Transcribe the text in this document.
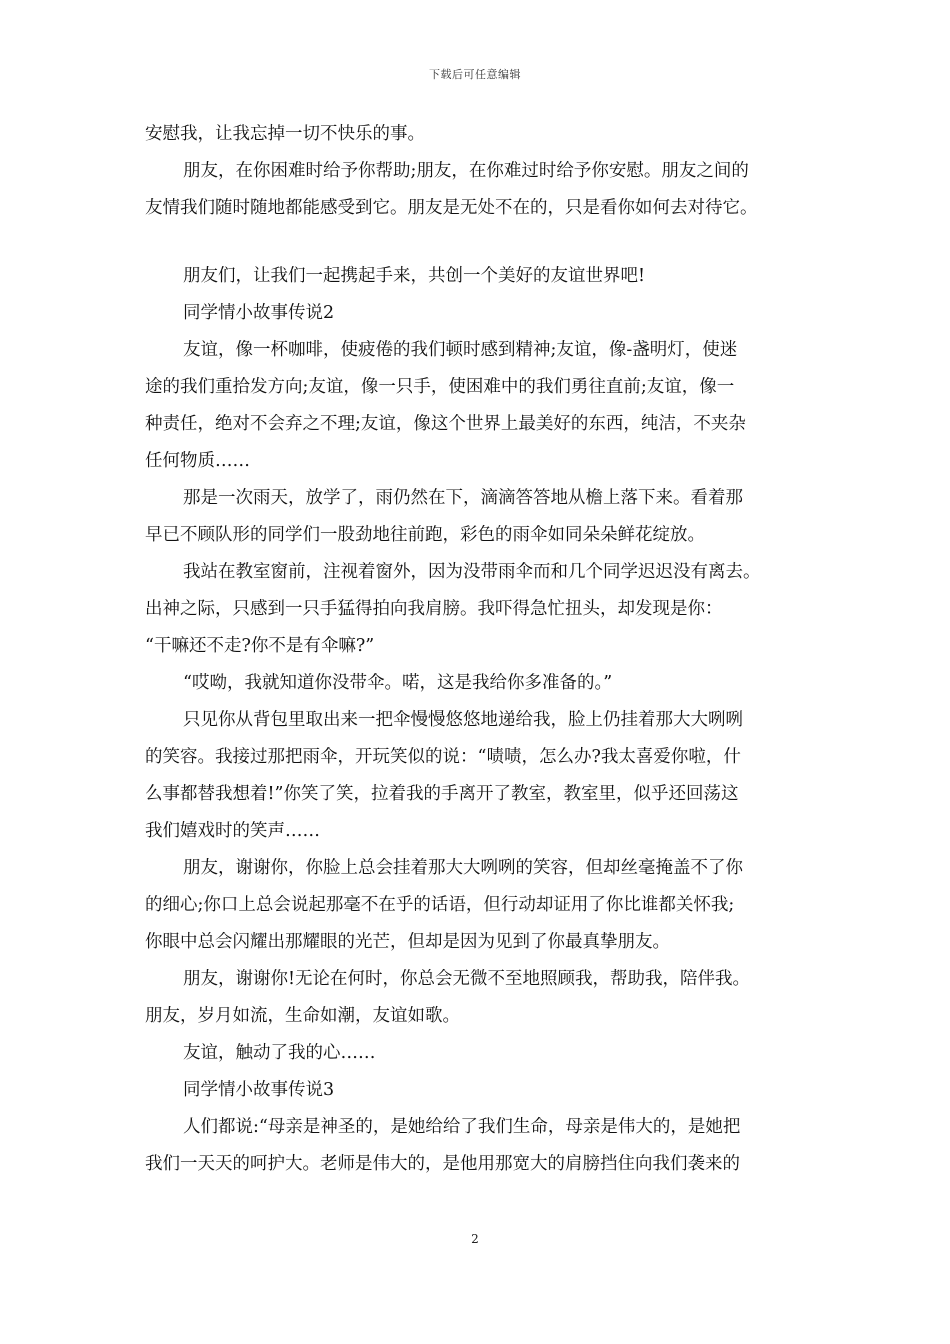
下载后可任意编辑
安慰我，让我忘掉一切不快乐的事。
朋友，在你困难时给予你帮助;朋友，在你难过时给予你安慰。朋友之间的
友情我们随时随地都能感受到它。朋友是无处不在的，只是看你如何去对待它。
朋友们，让我们一起携起手来，共创一个美好的友谊世界吧!
同学情小故事传说2
友谊，像一杯咖啡，使疲倦的我们顿时感到精神;友谊，像-盏明灯，使迷
途的我们重拾发方向;友谊，像一只手，使困难中的我们勇往直前;友谊，像一
种责任，绝对不会弃之不理;友谊，像这个世界上最美好的东西，纯洁，不夹杂
任何物质……
那是一次雨天，放学了，雨仍然在下，滴滴答答地从檐上落下来。看着那
早已不顾队形的同学们一股劲地往前跑，彩色的雨伞如同朵朵鲜花绽放。
我站在教室窗前，注视着窗外，因为没带雨伞而和几个同学迟迟没有离去。
出神之际，只感到一只手猛得拍向我肩膀。我吓得急忙扭头，却发现是你：
“干嘛还不走?你不是有伞嘛?”
“哎呦，我就知道你没带伞。喏，这是我给你多准备的。”
只见你从背包里取出来一把伞慢慢悠悠地递给我，脸上仍挂着那大大咧咧
的笑容。我接过那把雨伞，开玩笑似的说：“啧啧，怎么办?我太喜爱你啦，什
么事都替我想着!”你笑了笑，拉着我的手离开了教室，教室里，似乎还回荡这
我们嬉戏时的笑声……
朋友，谢谢你，你脸上总会挂着那大大咧咧的笑容，但却丝毫掩盖不了你
的细心;你口上总会说起那毫不在乎的话语，但行动却证用了你比谁都关怀我;
你眼中总会闪耀出那耀眼的光芒，但却是因为见到了你最真挚朋友。
朋友，谢谢你!无论在何时，你总会无微不至地照顾我，帮助我，陪伴我。
朋友，岁月如流，生命如潮，友谊如歌。
友谊，触动了我的心……
同学情小故事传说3
人们都说:“母亲是神圣的，是她给给了我们生命，母亲是伟大的，是她把
我们一天天的呵护大。老师是伟大的，是他用那宽大的肩膀挡住向我们袭来的
2
